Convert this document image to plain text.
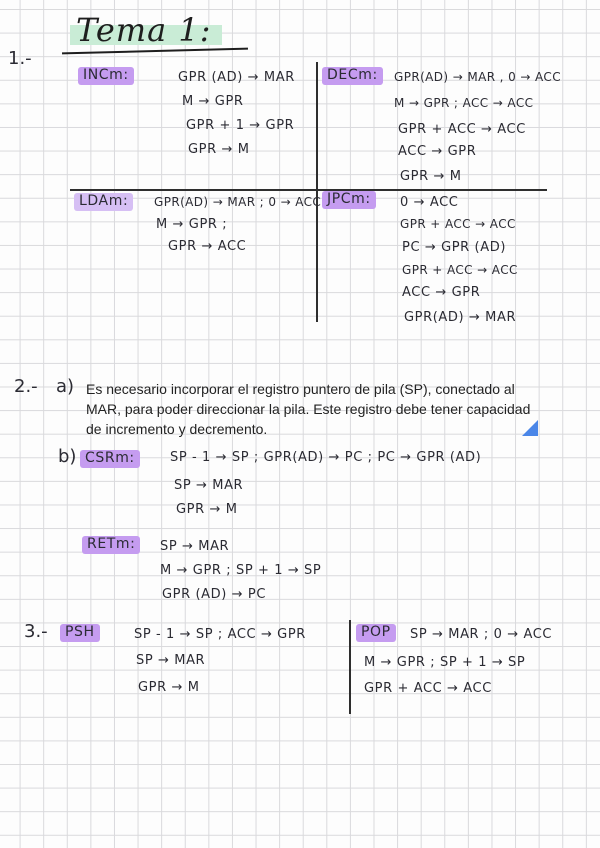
Tema 1:
1.-
INCm:	GPR (AD) → MAR
M → GPR
GPR + 1 → GPR
GPR → M
DECm:	GPR(AD) → MAR , 0 → ACC
M → GPR ; ACC → ACC
GPR + ACC → ACC
ACC → GPR
GPR → M
LDAm:	GPR(AD) → MAR ; 0 → ACC
M → GPR ;
GPR → ACC
JPCm:	0 → ACC
GPR + ACC → ACC
PC → GPR (AD)
GPR + ACC → ACC
ACC → GPR
GPR(AD) → MAR
2.- a) Es necesario incorporar el registro puntero de pila (SP), conectado al MAR, para poder direccionar la pila. Este registro debe tener capacidad de incremento y decremento.
b) CSRm:	SP - 1 → SP ; GPR(AD) → PC ; PC → GPR (AD)
SP → MAR
GPR → M
RETm:	SP → MAR
M → GPR ; SP + 1 → SP
GPR (AD) → PC
3.-	PSH	SP - 1 → SP ; ACC → GPR
SP → MAR
GPR → M
POP	SP → MAR ; 0 → ACC
M → GPR ; SP + 1 → SP
GPR + ACC → ACC
